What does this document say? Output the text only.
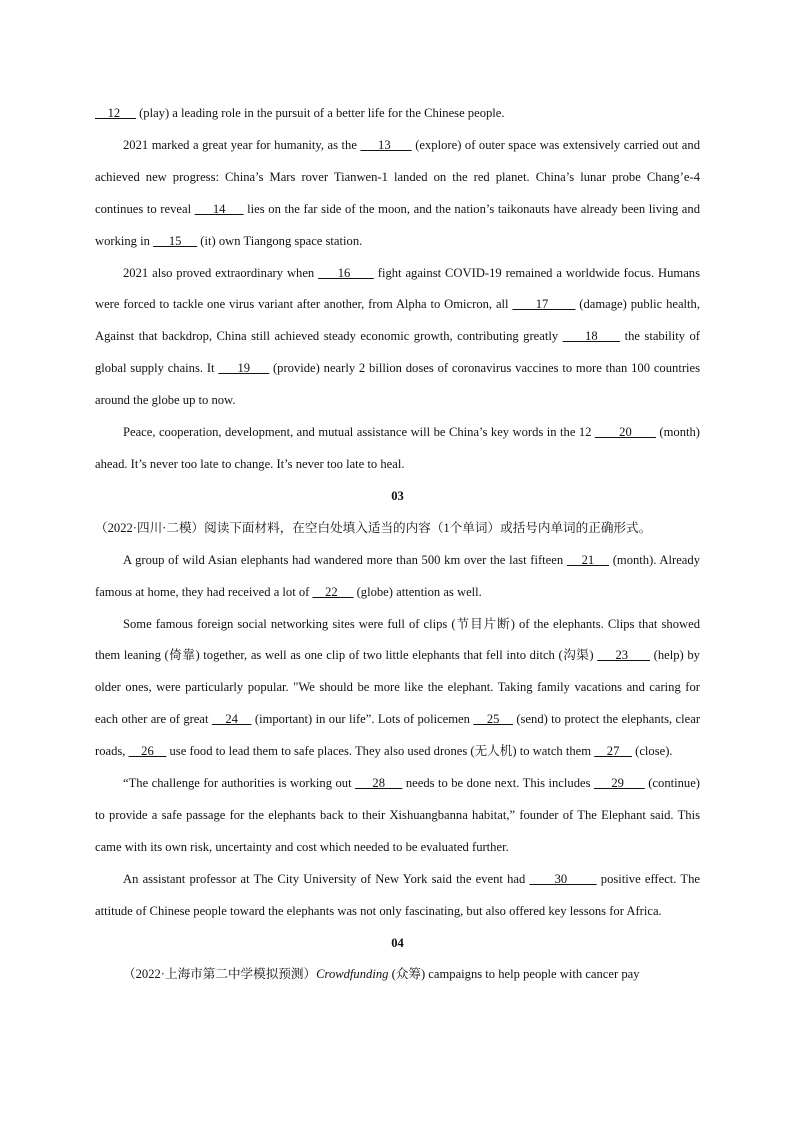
12      (play) a leading role in the pursuit of a better life for the Chinese people.

2021 marked a great year for humanity, as the      13       (explore) of outer space was extensively carried out and achieved new progress: China’s Mars rover Tianwen-1 landed on the red planet. China’s lunar probe Chang’e-4 continues to reveal      14      lies on the far side of the moon, and the nation’s taikonauts have already been living and working in      15      (it) own Tiangong space station.

2021 also proved extraordinary when      16       fight against COVID-19 remained a worldwide focus. Humans were forced to tackle one virus variant after another, from Alpha to Omicron, all       17        (damage) public health, Against that backdrop, China still achieved steady economic growth, contributing greatly      18      the stability of global supply chains. It      19      (provide) nearly 2 billion doses of coronavirus vaccines to more than 100 countries around the globe up to now.

Peace, cooperation, development, and mutual assistance will be China’s key words in the 12        20        (month) ahead. It’s never too late to change. It’s never too late to heal.

03

（2022·四川·二模）阅读下面材料，在空白处填入适当的内容（1个单词）或括号内单词的正确形式。

A group of wild Asian elephants had wandered more than 500 km over the last fifteen     21     (month). Already famous at home, they had received a lot of     22      (globe) attention as well.

Some famous foreign social networking sites were full of clips (节目片断) of the elephants. Clips that showed them leaning (倚靠) together, as well as one clip of two little elephants that fell into ditch (沟渠)      23       (help) by older ones, were particularly popular. "We should be more like the elephant. Taking family vacations and caring for each other are of great     24     (important) in our life”. Lots of policemen     25     (send) to protect the elephants, clear roads,     26     use food to lead them to safe places. They also used drones (无人机) to watch them     27     (close).

“The challenge for authorities is working out      28      needs to be done next. This includes      29       (continue) to provide a safe passage for the elephants back to their Xishuangbanna habitat,” founder of The Elephant said. This came with its own risk, uncertainty and cost which needed to be evaluated further.

An assistant professor at The City University of New York said the event had       30        positive effect. The attitude of Chinese people toward the elephants was not only fascinating, but also offered key lessons for Africa.

04

（2022·上海市第二中学模拟预测）Crowdfunding (众筹) campaigns to help people with cancer pay
